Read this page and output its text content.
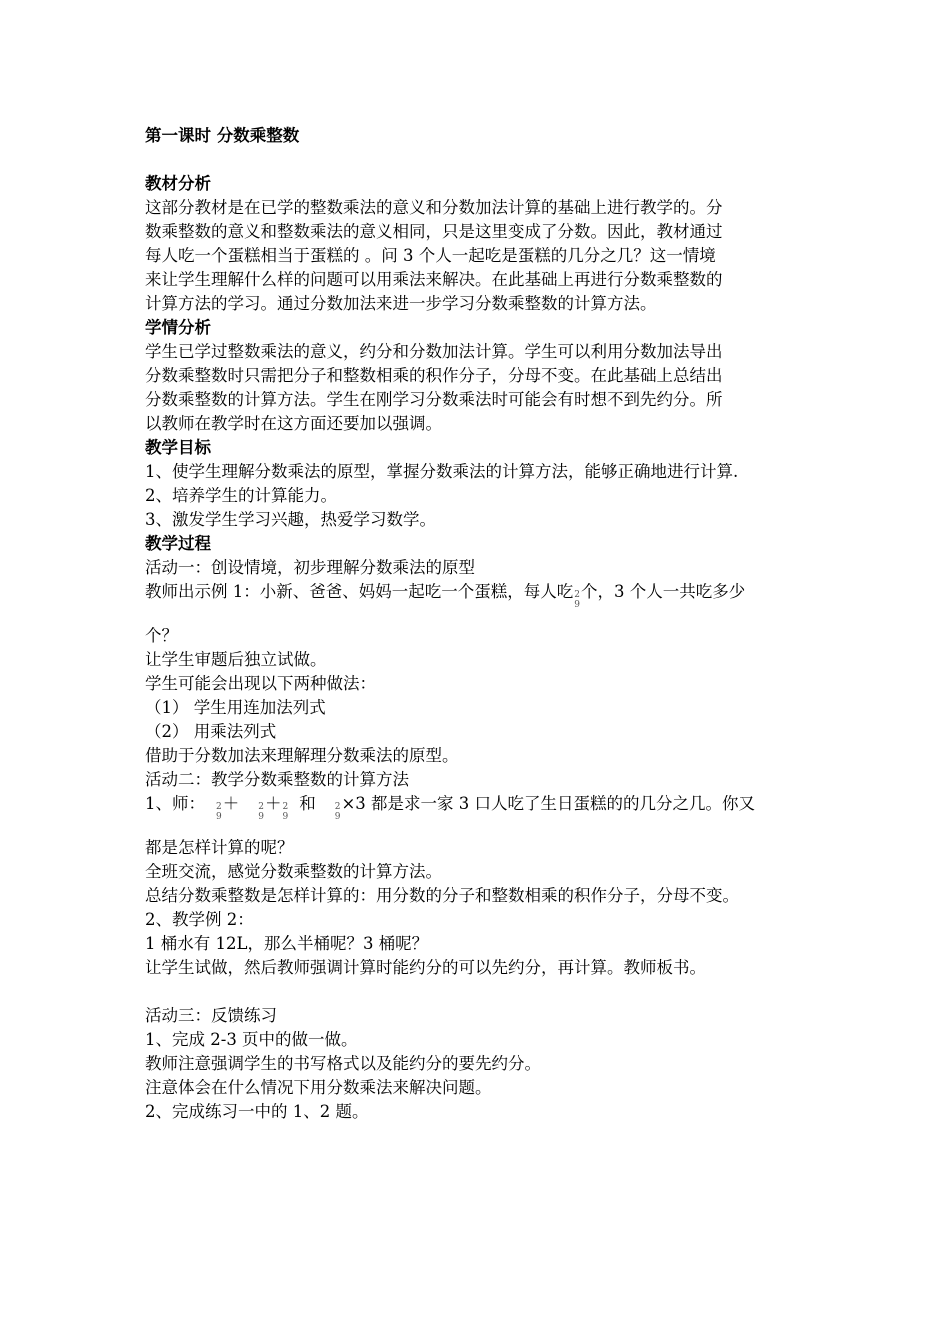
第一课时 分数乘整数
教材分析
这部分教材是在已学的整数乘法的意义和分数加法计算的基础上进行教学的。分
数乘整数的意义和整数乘法的意义相同，只是这里变成了分数。因此，教材通过
每人吃一个蛋糕相当于蛋糕的 。问 3 个人一起吃是蛋糕的几分之几？这一情境
来让学生理解什么样的问题可以用乘法来解决。在此基础上再进行分数乘整数的
计算方法的学习。通过分数加法来进一步学习分数乘整数的计算方法。
学情分析
学生已学过整数乘法的意义，约分和分数加法计算。学生可以利用分数加法导出
分数乘整数时只需把分子和整数相乘的积作分子，分母不变。在此基础上总结出
分数乘整数的计算方法。学生在刚学习分数乘法时可能会有时想不到先约分。所
以教师在教学时在这方面还要加以强调。
教学目标
1、使学生理解分数乘法的原型，掌握分数乘法的计算方法，能够正确地进行计算.
2、培养学生的计算能力。
3、激发学生学习兴趣，热爱学习数学。
教学过程
活动一：创设情境，初步理解分数乘法的原型
教师出示例 1：小新、爸爸、妈妈一起吃一个蛋糕，每人吃 2
9
个，3 个人一共吃多少
个？
让学生审题后独立试做。
学生可能会出现以下两种做法：
（1） 学生用连加法列式
（2） 用乘法列式
借助于分数加法来理解理分数乘法的原型。
活动二：教学分数乘整数的计算方法
1、师： 2
9
＋ 2
9
＋ 2
9
和 2
9
×3 都是求一家 3 口人吃了生日蛋糕的的几分之几。你又
都是怎样计算的呢？
全班交流，感觉分数乘整数的计算方法。
总结分数乘整数是怎样计算的：用分数的分子和整数相乘的积作分子，分母不变。
2、教学例 2：
1 桶水有 12L，那么半桶呢？3 桶呢？
让学生试做，然后教师强调计算时能约分的可以先约分，再计算。教师板书。
活动三：反馈练习
1、完成 2-3 页中的做一做。
教师注意强调学生的书写格式以及能约分的要先约分。
注意体会在什么情况下用分数乘法来解决问题。
2、完成练习一中的 1、2 题。
